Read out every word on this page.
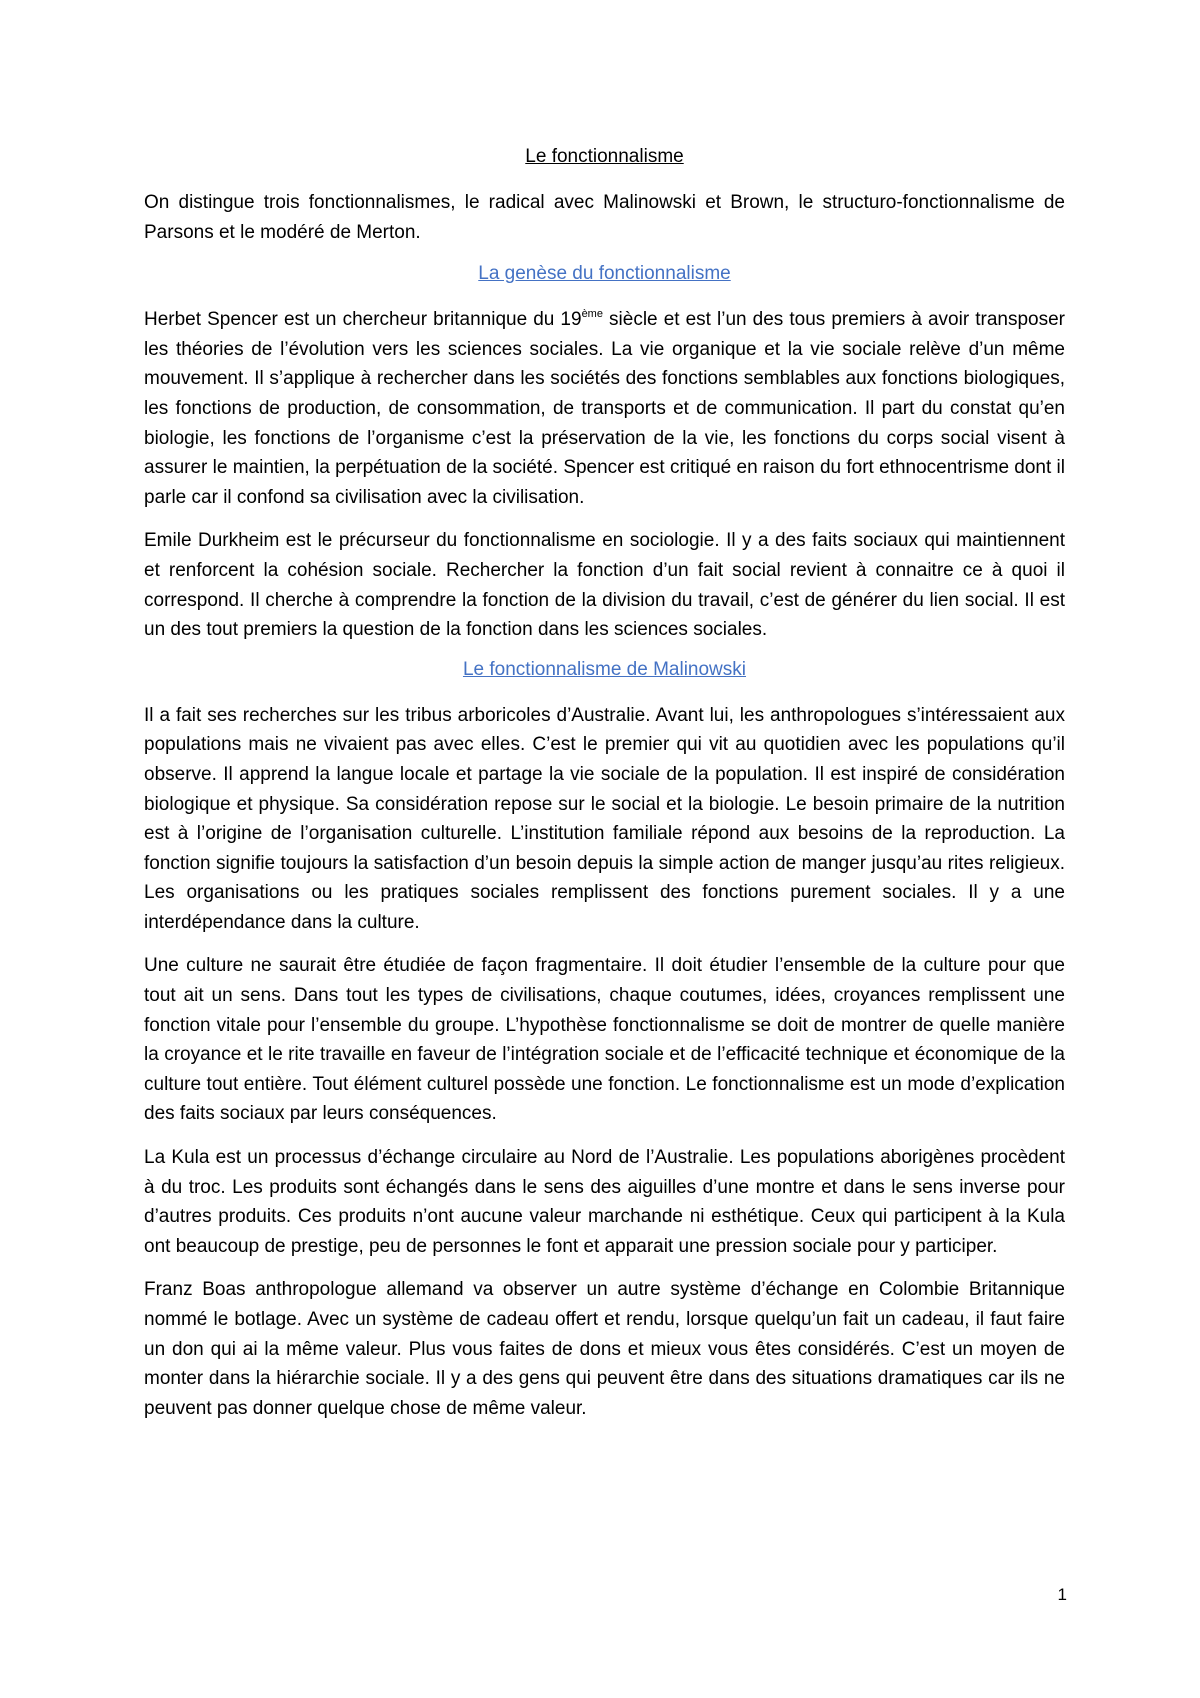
Le fonctionnalisme

On distingue trois fonctionnalismes, le radical avec Malinowski et Brown, le structuro-fonctionnalisme de Parsons et le modéré de Merton.

La genèse du fonctionnalisme

Herbet Spencer est un chercheur britannique du 19ème siècle et est l’un des tous premiers à avoir transposer les théories de l’évolution vers les sciences sociales. La vie organique et la vie sociale relève d’un même mouvement. Il s’applique à rechercher dans les sociétés des fonctions semblables aux fonctions biologiques, les fonctions de production, de consommation, de transports et de communication. Il part du constat qu’en biologie, les fonctions de l’organisme c’est la préservation de la vie, les fonctions du corps social visent à assurer le maintien, la perpétuation de la société. Spencer est critiqué en raison du fort ethnocentrisme dont il parle car il confond sa civilisation avec la civilisation.

Emile Durkheim est le précurseur du fonctionnalisme en sociologie. Il y a des faits sociaux qui maintiennent et renforcent la cohésion sociale. Rechercher la fonction d’un fait social revient à connaitre ce à quoi il correspond. Il cherche à comprendre la fonction de la division du travail, c’est de générer du lien social. Il est un des tout premiers la question de la fonction dans les sciences sociales.

Le fonctionnalisme de Malinowski

Il a fait ses recherches sur les tribus arboricoles d’Australie. Avant lui, les anthropologues s’intéressaient aux populations mais ne vivaient pas avec elles. C’est le premier qui vit au quotidien avec les populations qu’il observe. Il apprend la langue locale et partage la vie sociale de la population. Il est inspiré de considération biologique et physique. Sa considération repose sur le social et la biologie. Le besoin primaire de la nutrition est à l’origine de l’organisation culturelle. L’institution familiale répond aux besoins de la reproduction. La fonction signifie toujours la satisfaction d’un besoin depuis la simple action de manger jusqu’au rites religieux. Les organisations ou les pratiques sociales remplissent des fonctions purement sociales. Il y a une interdépendance dans la culture.

Une culture ne saurait être étudiée de façon fragmentaire. Il doit étudier l’ensemble de la culture pour que tout ait un sens. Dans tout les types de civilisations, chaque coutumes, idées, croyances remplissent une fonction vitale pour l’ensemble du groupe. L’hypothèse fonctionnalisme se doit de montrer de quelle manière la croyance et le rite travaille en faveur de l’intégration sociale et de l’efficacité technique et économique de la culture tout entière. Tout élément culturel possède une fonction. Le fonctionnalisme est un mode d’explication des faits sociaux par leurs conséquences.

La Kula est un processus d’échange circulaire au Nord de l’Australie. Les populations aborigènes procèdent à du troc. Les produits sont échangés dans le sens des aiguilles d’une montre et dans le sens inverse pour d’autres produits. Ces produits n’ont aucune valeur marchande ni esthétique. Ceux qui participent à la Kula ont beaucoup de prestige, peu de personnes le font et apparait une pression sociale pour y participer.

Franz Boas anthropologue allemand va observer un autre système d’échange en Colombie Britannique nommé le botlage. Avec un système de cadeau offert et rendu, lorsque quelqu’un fait un cadeau, il faut faire un don qui ai la même valeur. Plus vous faites de dons et mieux vous êtes considérés. C’est un moyen de monter dans la hiérarchie sociale. Il y a des gens qui peuvent être dans des situations dramatiques car ils ne peuvent pas donner quelque chose de même valeur.

1
